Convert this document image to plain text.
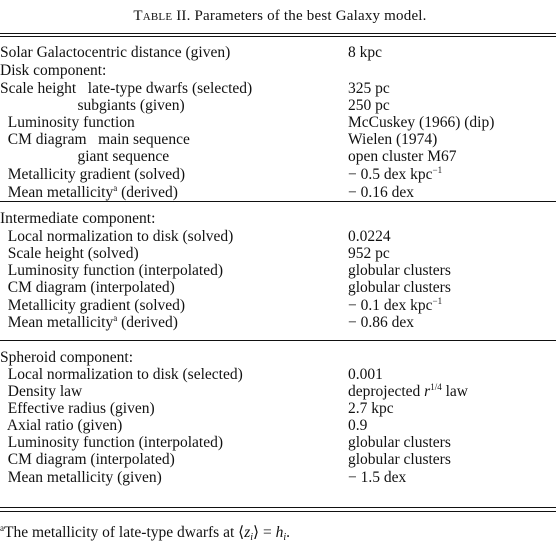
Table II. Parameters of the best Galaxy model.
Solar Galactocentric distance (given)	8 kpc
Disk component:
Scale height   late-type dwarfs (selected)	325 pc
subgiants (given)	250 pc
Luminosity function	McCuskey (1966) (dip)
CM diagram   main sequence	Wielen (1974)
giant sequence	open cluster M67
Metallicity gradient (solved)	− 0.5 dex kpc$^{-1}$
Mean metallicity$^a$ (derived)	− 0.16 dex
Intermediate component:
Local normalization to disk (solved)	0.0224
Scale height (solved)	952 pc
Luminosity function (interpolated)	globular clusters
CM diagram (interpolated)	globular clusters
Metallicity gradient (solved)	− 0.1 dex kpc$^{-1}$
Mean metallicity$^a$ (derived)	− 0.86 dex
Spheroid component:
Local normalization to disk (selected)	0.001
Density law	deprojected $r^{1/4}$ law
Effective radius (given)	2.7 kpc
Axial ratio (given)	0.9
Luminosity function (interpolated)	globular clusters
CM diagram (interpolated)	globular clusters
Mean metallicity (given)	− 1.5 dex
$^a$The metallicity of late-type dwarfs at $⟨z_i⟩ = h_i$.
